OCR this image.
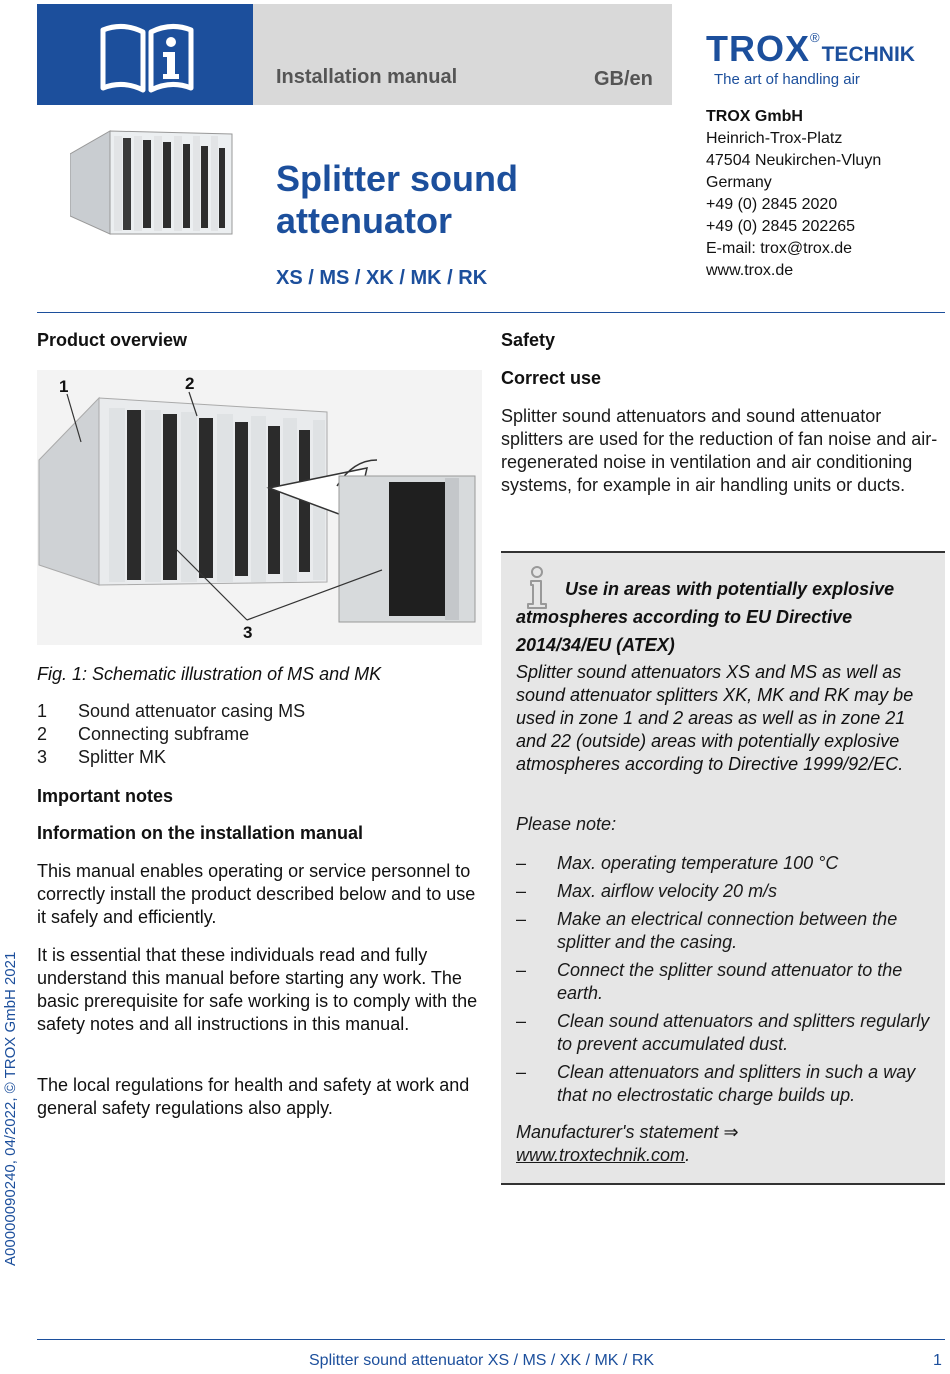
Installation manual	GB/en
TROX®TECHNIK
The art of handling air
TROX GmbH
Heinrich-Trox-Platz
47504 Neukirchen-Vluyn
Germany
+49 (0) 2845 2020
+49 (0) 2845 202265
E-mail: trox@trox.de
www.trox.de
Splitter sound
attenuator
XS / MS / XK / MK / RK
Product overview
1	2
3
Fig. 1: Schematic illustration of MS and MK
1	Sound attenuator casing MS
2	Connecting subframe
3	Splitter MK
Important notes
Information on the installation manual
This manual enables operating or service personnel to correctly install the product described below and to use it safely and efficiently.
It is essential that these individuals read and fully understand this manual before starting any work. The basic prerequisite for safe working is to comply with the safety notes and all instructions in this manual.
The local regulations for health and safety at work and general safety regulations also apply.
Safety
Correct use
Splitter sound attenuators and sound attenuator splitters are used for the reduction of fan noise and air-regenerated noise in ventilation and air conditioning systems, for example in air handling units or ducts.
Use in areas with potentially explosive atmospheres according to EU Directive 2014/34/EU (ATEX)
Splitter sound attenuators XS and MS as well as sound attenuator splitters XK, MK and RK may be used in zone 1 and 2 areas as well as in zone 21 and 22 (outside) areas with potentially explosive atmospheres according to Directive 1999/92/EC.
Please note:
–	Max. operating temperature 100 °C
–	Max. airflow velocity 20 m/s
–	Make an electrical connection between the splitter and the casing.
–	Connect the splitter sound attenuator to the earth.
–	Clean sound attenuators and splitters regularly to prevent accumulated dust.
–	Clean attenuators and splitters in such a way that no electrostatic charge builds up.
Manufacturer's statement ⇒
www.troxtechnik.com.
A00000090240, 04/2022, © TROX GmbH 2021
Splitter sound attenuator XS / MS / XK / MK / RK	1
